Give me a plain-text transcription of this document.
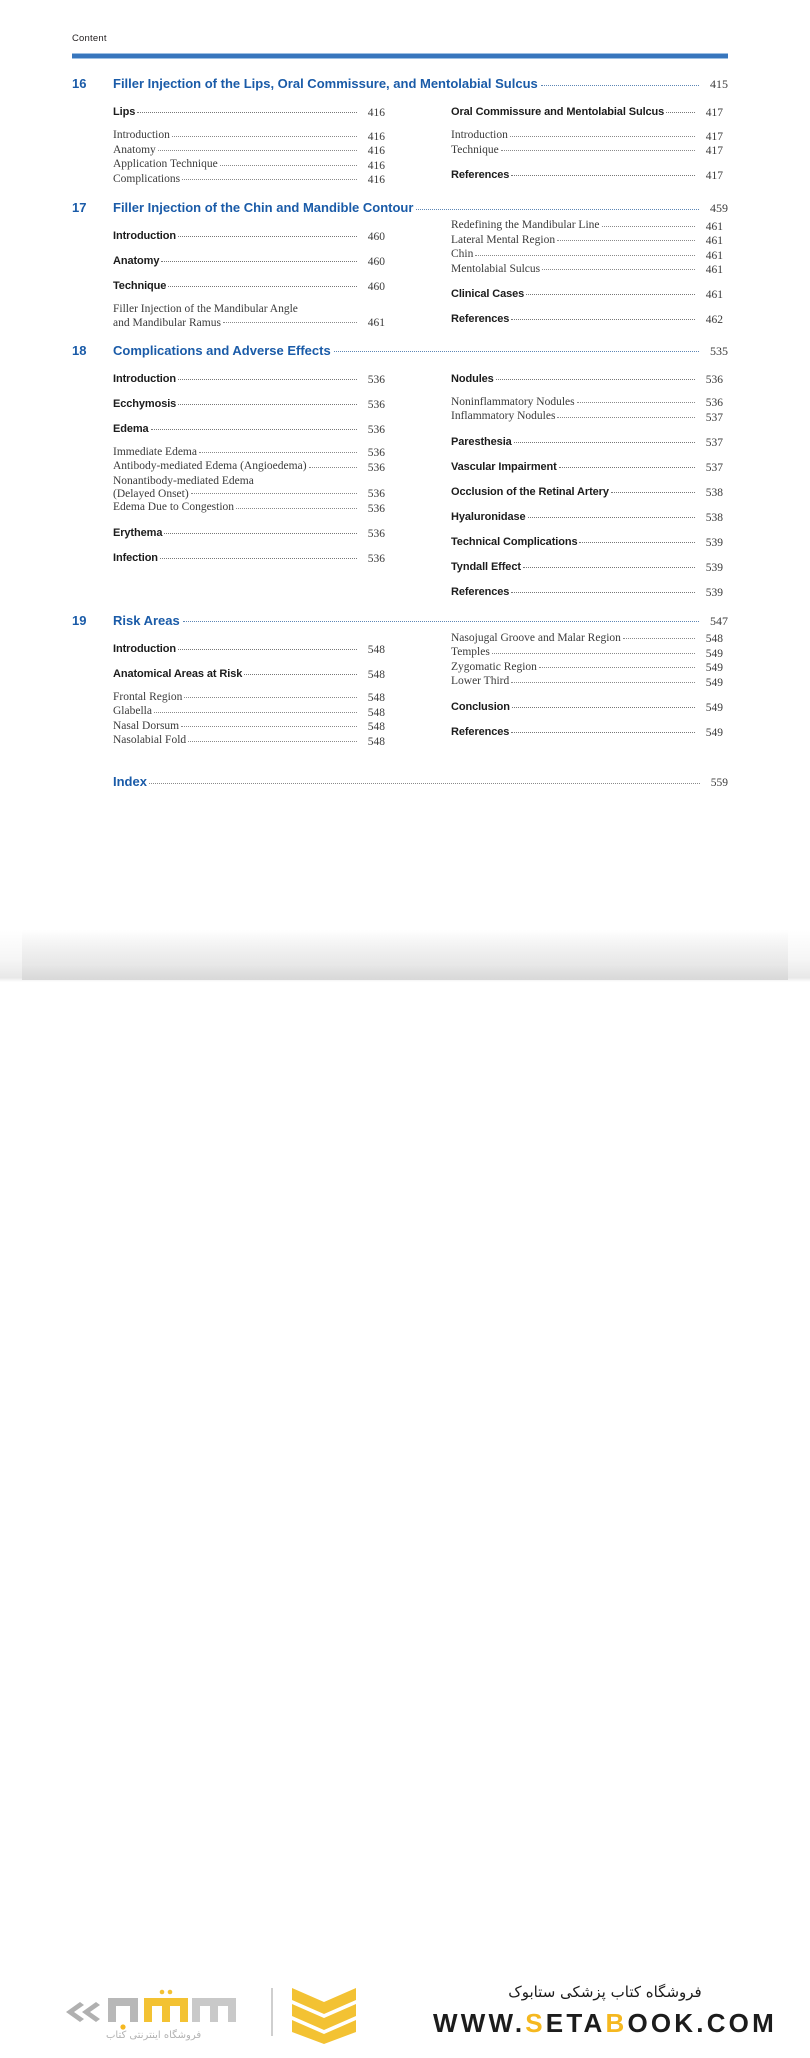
Content
16	Filler Injection of the Lips, Oral Commissure, and Mentolabial Sulcus	415
Lips	416
Introduction	416
Anatomy	416
Application Technique	416
Complications	416
Oral Commissure and Mentolabial Sulcus	417
Introduction	417
Technique	417
References	417
17	Filler Injection of the Chin and Mandible Contour	459
Introduction	460
Anatomy	460
Technique	460
Filler Injection of the Mandibular Angle
and Mandibular Ramus	461
Redefining the Mandibular Line	461
Lateral Mental Region	461
Chin	461
Mentolabial Sulcus	461
Clinical Cases	461
References	462
18	Complications and Adverse Effects	535
Introduction	536
Ecchymosis	536
Edema	536
Immediate Edema	536
Antibody-mediated Edema (Angioedema)	536
Nonantibody-mediated Edema
(Delayed Onset)	536
Edema Due to Congestion	536
Erythema	536
Infection	536
Nodules	536
Noninflammatory Nodules	536
Inflammatory Nodules	537
Paresthesia	537
Vascular Impairment	537
Occlusion of the Retinal Artery	538
Hyaluronidase	538
Technical Complications	539
Tyndall Effect	539
References	539
19	Risk Areas	547
Introduction	548
Anatomical Areas at Risk	548
Frontal Region	548
Glabella	548
Nasal Dorsum	548
Nasolabial Fold	548
Nasojugal Groove and Malar Region	548
Temples	549
Zygomatic Region	549
Lower Third	549
Conclusion	549
References	549
Index	559
فروشگاه اینترنتی کتاب
فروشگاه کتاب پزشکی ستابوک
WWW.SETABOOK.COM
